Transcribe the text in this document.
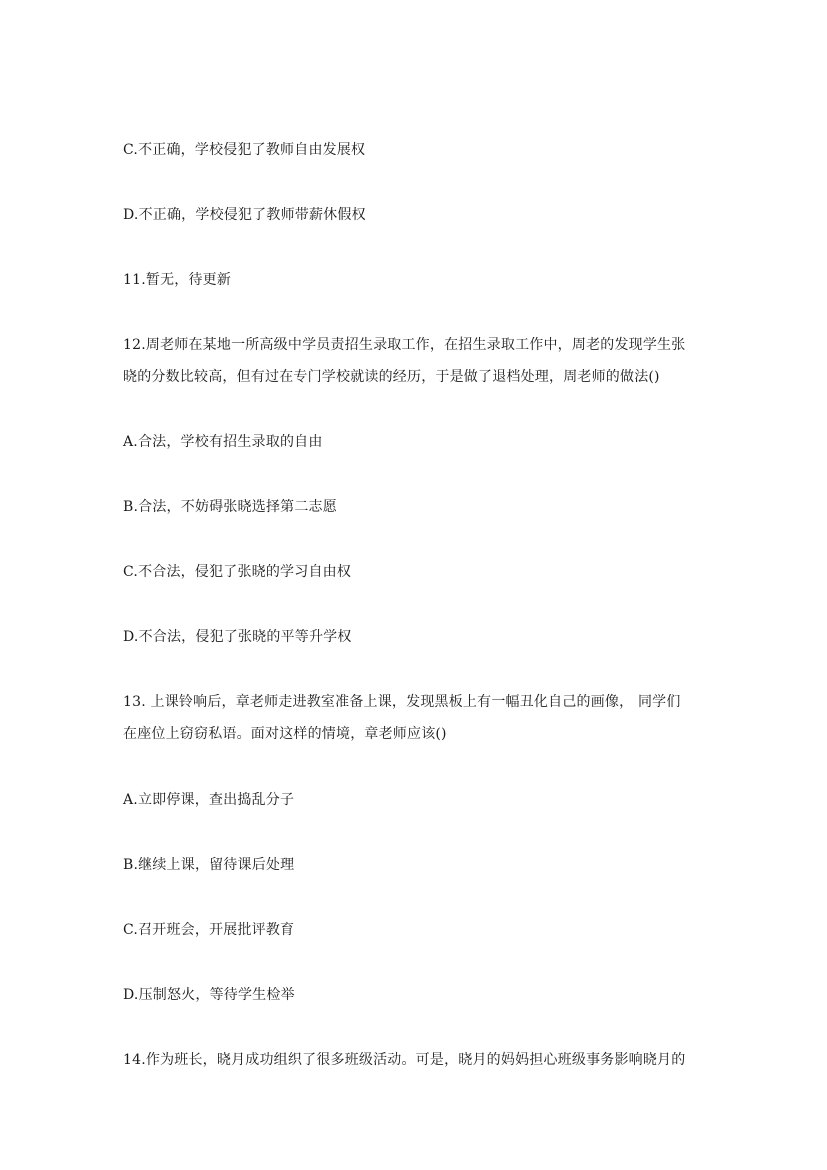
C.不正确，学校侵犯了教师自由发展权
D.不正确，学校侵犯了教师带薪休假权
11.暂无，待更新
12.周老师在某地一所高级中学员责招生录取工作，在招生录取工作中，周老的发现学生张
晓的分数比较高，但有过在专门学校就读的经历，于是做了退档处理，周老师的做法()
A.合法，学校有招生录取的自由
B.合法，不妨碍张晓选择第二志愿
C.不合法，侵犯了张晓的学习自由权
D.不合法，侵犯了张晓的平等升学权
13. 上课铃响后，章老师走进教室准备上课，发现黑板上有一幅丑化自己的画像， 同学们
在座位上窃窃私语。面对这样的情境，章老师应该()
A.立即停课，查出捣乱分子
B.继续上课，留待课后处理
C.召开班会，开展批评教育
D.压制怒火，等待学生检举
14.作为班长，晓月成功组织了很多班级活动。可是，晓月的妈妈担心班级事务影响晓月的
